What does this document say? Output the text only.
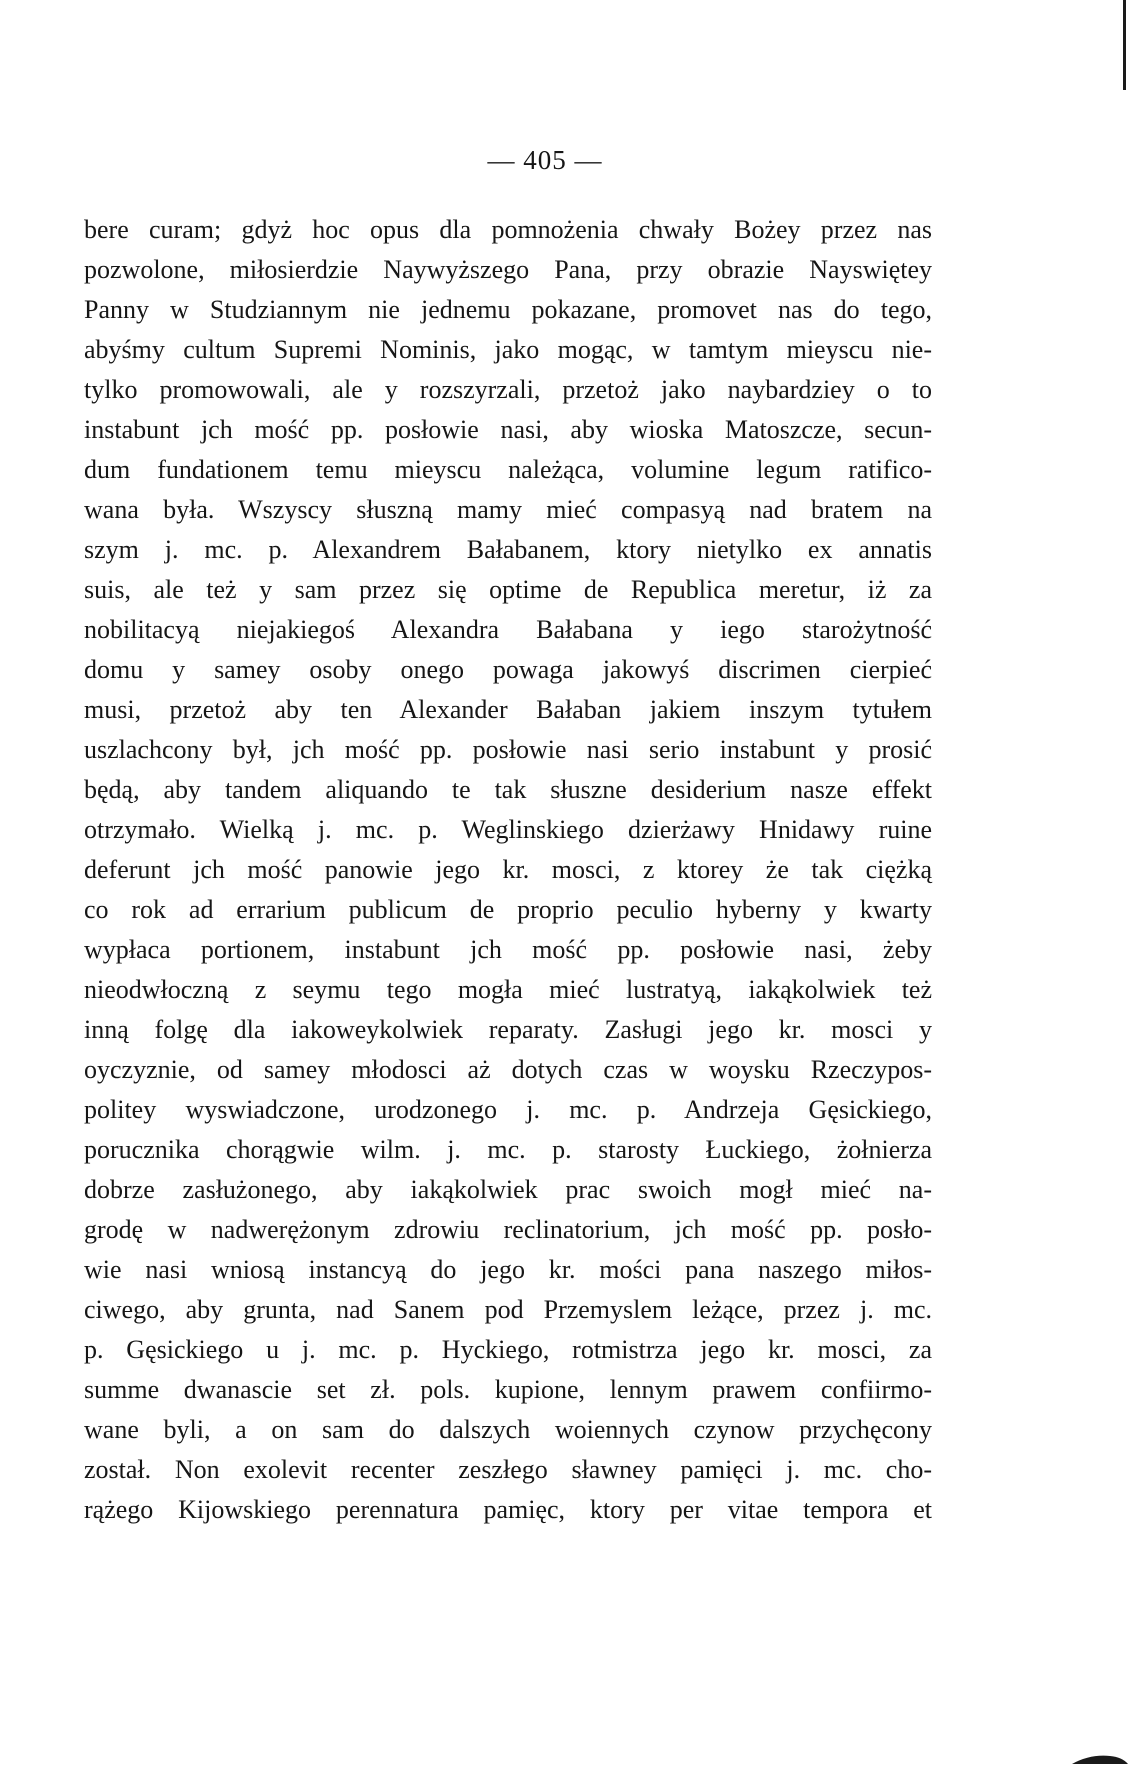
— 405 —
bere curam; gdyż hoc opus dla pomnożenia chwały Bożey przez nas
pozwolone, miłosierdzie Naywyższego Pana, przy obrazie Nayswiętey
Panny w Studziannym nie jednemu pokazane, promovet nas do tego,
abyśmy cultum Supremi Nominis, jako mogąc, w tamtym mieyscu nie-
tylko promowowali, ale y rozszyrzali, przetoż jako naybardziey o to
instabunt jch mość pp. posłowie nasi, aby wioska Matoszcze, secun-
dum fundationem temu mieyscu należąca, volumine legum ratifico-
wana była. Wszyscy słuszną mamy mieć compasyą nad bratem na
szym j. mc. p. Alexandrem Bałabanem, ktory nietylko ex annatis
suis, ale też y sam przez się optime de Republica meretur, iż za
nobilitacyą niejakiegoś Alexandra Bałabana y iego starożytność
domu y samey osoby onego powaga jakowyś discrimen cierpieć
musi, przetoż aby ten Alexander Bałaban jakiem inszym tytułem
uszlachcony był, jch mość pp. posłowie nasi serio instabunt y prosić
będą, aby tandem aliquando te tak słuszne desiderium nasze effekt
otrzymało. Wielką j. mc. p. Weglinskiego dzierżawy Hnidawy ruine
deferunt jch mość panowie jego kr. mosci, z ktorey że tak ciężką
co rok ad errarium publicum de proprio peculio hyberny y kwarty
wypłaca portionem, instabunt jch mość pp. posłowie nasi, żeby
nieodwłoczną z seymu tego mogła mieć lustratyą, iakąkolwiek też
inną folgę dla iakoweykolwiek reparaty. Zasługi jego kr. mosci y
oyczyznie, od samey młodosci aż dotych czas w woysku Rzeczypos-
politey wyswiadczone, urodzonego j. mc. p. Andrzeja Gęsickiego,
porucznika chorągwie wilm. j. mc. p. starosty Łuckiego, żołnierza
dobrze zasłużonego, aby iakąkolwiek prac swoich mogł mieć na-
grodę w nadwerężonym zdrowiu reclinatorium, jch mość pp. posło-
wie nasi wniosą instancyą do jego kr. mości pana naszego miłos-
ciwego, aby grunta, nad Sanem pod Przemyslem leżące, przez j. mc.
p. Gęsickiego u j. mc. p. Hyckiego, rotmistrza jego kr. mosci, za
summe dwanascie set zł. pols. kupione, lennym prawem confiirmo-
wane byli, a on sam do dalszych woiennych czynow przychęcony
został. Non exolevit recenter zeszłego sławney pamięci j. mc. cho-
rążego Kijowskiego perennatura pamięc, ktory per vitae tempora et
